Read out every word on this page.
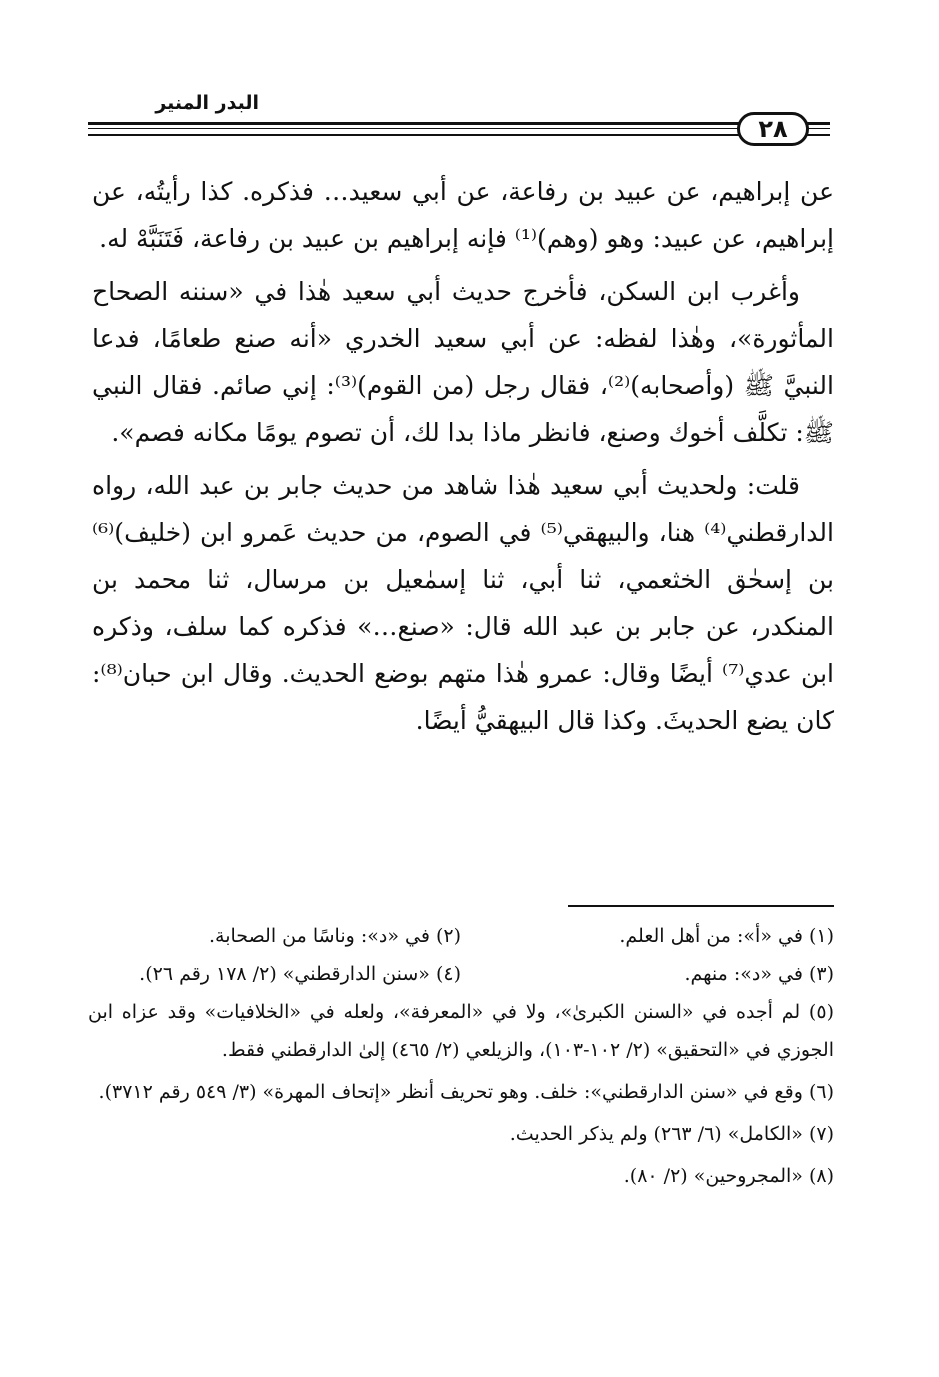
البدر المنير
٢٨

عن إبراهيم، عن عبيد بن رفاعة، عن أبي سعيد… فذكره. كذا رأيتُه، عن إبراهيم، عن عبيد: وهو (وهم)⁽¹⁾ فإنه إبراهيم بن عبيد بن رفاعة، فَتَنَبَّهْ له.

وأغرب ابن السكن، فأخرج حديث أبي سعيد هٰذا في «سننه الصحاح المأثورة»، وهٰذا لفظه: عن أبي سعيد الخدري «أنه صنع طعامًا، فدعا النبيَّ ﷺ (وأصحابه)⁽²⁾، فقال رجل (من القوم)⁽³⁾: إني صائم. فقال النبي ﷺ: تكلَّف أخوك وصنع، فانظر ماذا بدا لك، أن تصوم يومًا مكانه فصم».

قلت: ولحديث أبي سعيد هٰذا شاهد من حديث جابر بن عبد الله، رواه الدارقطني⁽⁴⁾ هنا، والبيهقي⁽⁵⁾ في الصوم، من حديث عَمرو ابن (خليف)⁽⁶⁾ بن إسحٰق الخثعمي، ثنا أبي، ثنا إسمٰعيل بن مرسال، ثنا محمد بن المنكدر، عن جابر بن عبد الله قال: «صنع…» فذكره كما سلف، وذكره ابن عدي⁽⁷⁾ أيضًا وقال: عمرو هٰذا متهم بوضع الحديث. وقال ابن حبان⁽⁸⁾: كان يضع الحديثَ. وكذا قال البيهقيُّ أيضًا.

(١) في «أ»: من أهل العلم.
(٢) في «د»: وناسًا من الصحابة.
(٣) في «د»: منهم.
(٤) «سنن الدارقطني» (٢/ ١٧٨ رقم ٢٦).
(٥) لم أجده في «السنن الكبرىٰ»، ولا في «المعرفة»، ولعله في «الخلافيات» وقد عزاه ابن الجوزي في «التحقيق» (٢/ ١٠٢-١٠٣)، والزيلعي (٢/ ٤٦٥) إلىٰ الدارقطني فقط.
(٦) وقع في «سنن الدارقطني»: خلف. وهو تحريف أنظر «إتحاف المهرة» (٣/ ٥٤٩ رقم ٣٧١٢).
(٧) «الكامل» (٦/ ٢٦٣) ولم يذكر الحديث.
(٨) «المجروحين» (٢/ ٨٠).
